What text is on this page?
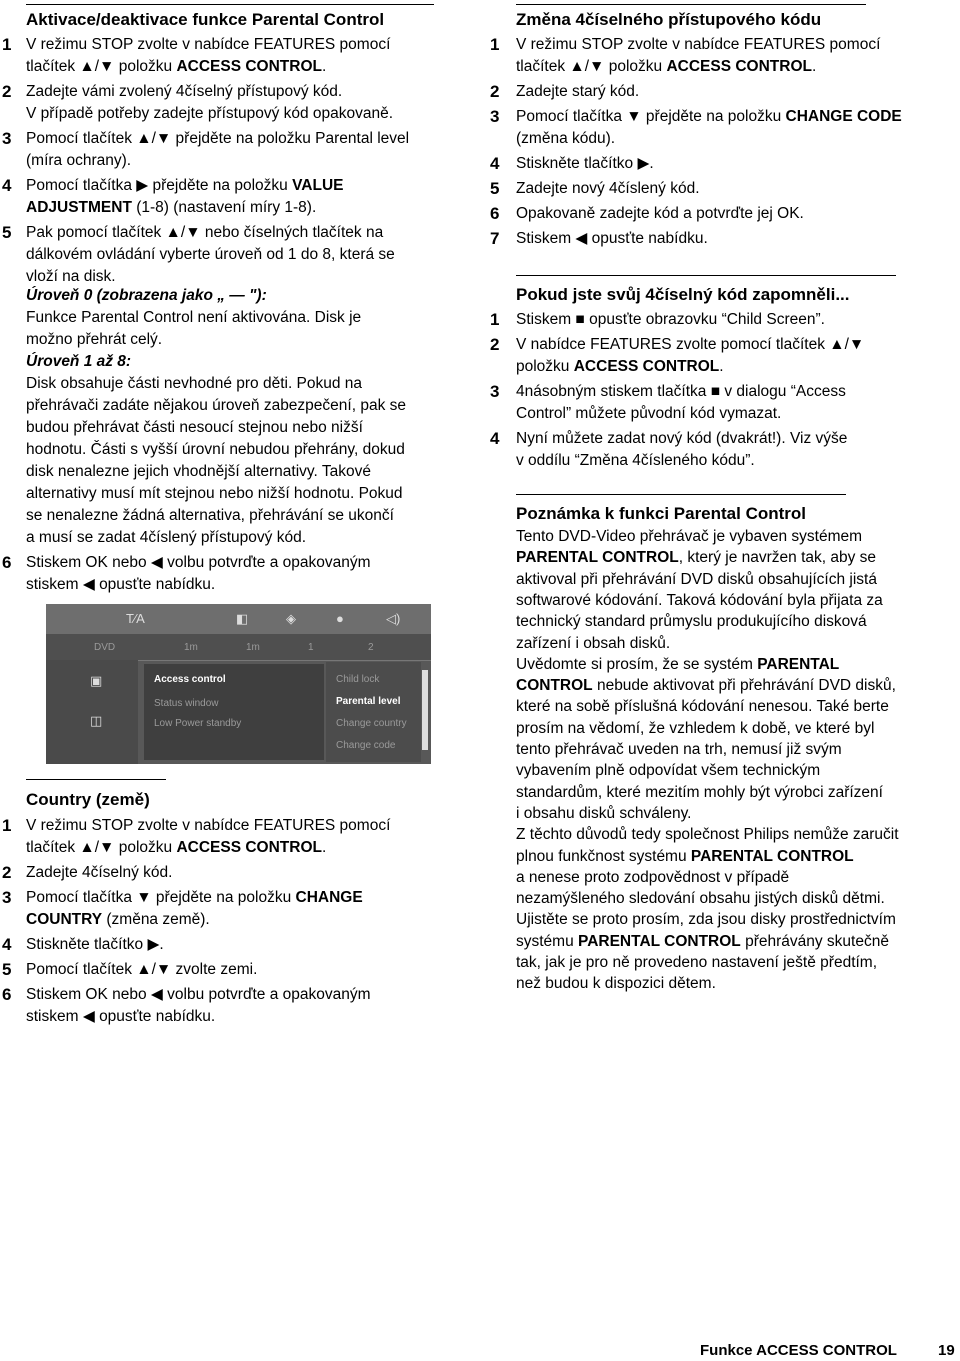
Aktivace/deaktivace funkce Parental Control
1 V režimu STOP zvolte v nabídce FEATURES pomocí
tlačítek ▲/▼ položku ACCESS CONTROL.
2 Zadejte vámi zvolený 4číselný přístupový kód.
V případě potřeby zadejte přístupový kód opakovaně.
3 Pomocí tlačítek ▲/▼ přejděte na položku Parental level
(míra ochrany).
4 Pomocí tlačítka ▶ přejděte na položku VALUE
ADJUSTMENT (1-8) (nastavení míry 1-8).
5 Pak pomocí tlačítek ▲/▼ nebo číselných tlačítek na
dálkovém ovládání vyberte úroveň od 1 do 8, která se
vloží na disk.
Úroveň 0 (zobrazena jako „ — "):
Funkce Parental Control není aktivována. Disk je
možno přehrát celý.
Úroveň 1 až 8:
Disk obsahuje části nevhodné pro děti. Pokud na
přehrávači zadáte nějakou úroveň zabezpečení, pak se
budou přehrávat části nesoucí stejnou nebo nižší
hodnotu. Části s vyšší úrovní nebudou přehrány, dokud
disk nenalezne jejich vhodnější alternativy. Takové
alternativy musí mít stejnou nebo nižší hodnotu. Pokud
se nenalezne žádná alternativa, přehrávání se ukončí
a musí se zadat 4číslený přístupový kód.
6 Stiskem OK nebo ◀ volbu potvrďte a opakovaným
stiskem ◀ opusťte nabídku.
T⁄A	◧	◈	●	◁)
DVD	1m	1m	1	2
▣
◫
Access control
Status window
Low Power standby
Child lock
Parental level
Change country
Change code
Country (země)
1 V režimu STOP zvolte v nabídce FEATURES pomocí
tlačítek ▲/▼ položku ACCESS CONTROL.
2 Zadejte 4číselný kód.
3 Pomocí tlačítka ▼ přejděte na položku CHANGE
COUNTRY (změna země).
4 Stiskněte tlačítko ▶.
5 Pomocí tlačítek ▲/▼ zvolte zemi.
6 Stiskem OK nebo ◀ volbu potvrďte a opakovaným
stiskem ◀ opusťte nabídku.
Změna 4číselného přístupového kódu
1 V režimu STOP zvolte v nabídce FEATURES pomocí
tlačítek ▲/▼ položku ACCESS CONTROL.
2 Zadejte starý kód.
3 Pomocí tlačítka ▼ přejděte na položku CHANGE CODE
(změna kódu).
4 Stiskněte tlačítko ▶.
5 Zadejte nový 4číslený kód.
6 Opakovaně zadejte kód a potvrďte jej OK.
7 Stiskem ◀ opusťte nabídku.
Pokud jste svůj 4číselný kód zapomněli...
1 Stiskem ■ opusťte obrazovku “Child Screen”.
2 V nabídce FEATURES zvolte pomocí tlačítek ▲/▼
položku ACCESS CONTROL.
3 4násobným stiskem tlačítka ■ v dialogu “Access
Control” můžete původní kód vymazat.
4 Nyní můžete zadat nový kód (dvakrát!). Viz výše
v oddílu “Změna 4čísleného kódu”.
Poznámka k funkci Parental Control
Tento DVD-Video přehrávač je vybaven systémem
PARENTAL CONTROL, který je navržen tak, aby se
aktivoval při přehrávání DVD disků obsahujících jistá
softwarové kódování. Taková kódování byla přijata za
technický standard průmyslu produkujícího disková
zařízení i obsah disků.
Uvědomte si prosím, že se systém PARENTAL
CONTROL nebude aktivovat při přehrávání DVD disků,
které na sobě příslušná kódování nenesou. Také berte
prosím na vědomí, že vzhledem k době, ve které byl
tento přehrávač uveden na trh, nemusí již svým
vybavením plně odpovídat všem technickým
standardům, které mezitím mohly být výrobci zařízení
i obsahu disků schváleny.
Z těchto důvodů tedy společnost Philips nemůže zaručit
plnou funkčnost systému PARENTAL CONTROL
a nenese proto zodpovědnost v případě
nezamýšleného sledování obsahu jistých disků dětmi.
Ujistěte se proto prosím, zda jsou disky prostřednictvím
systému PARENTAL CONTROL přehrávány skutečně
tak, jak je pro ně provedeno nastavení ještě předtím,
než budou k dispozici dětem.
Funkce ACCESS CONTROL	19
